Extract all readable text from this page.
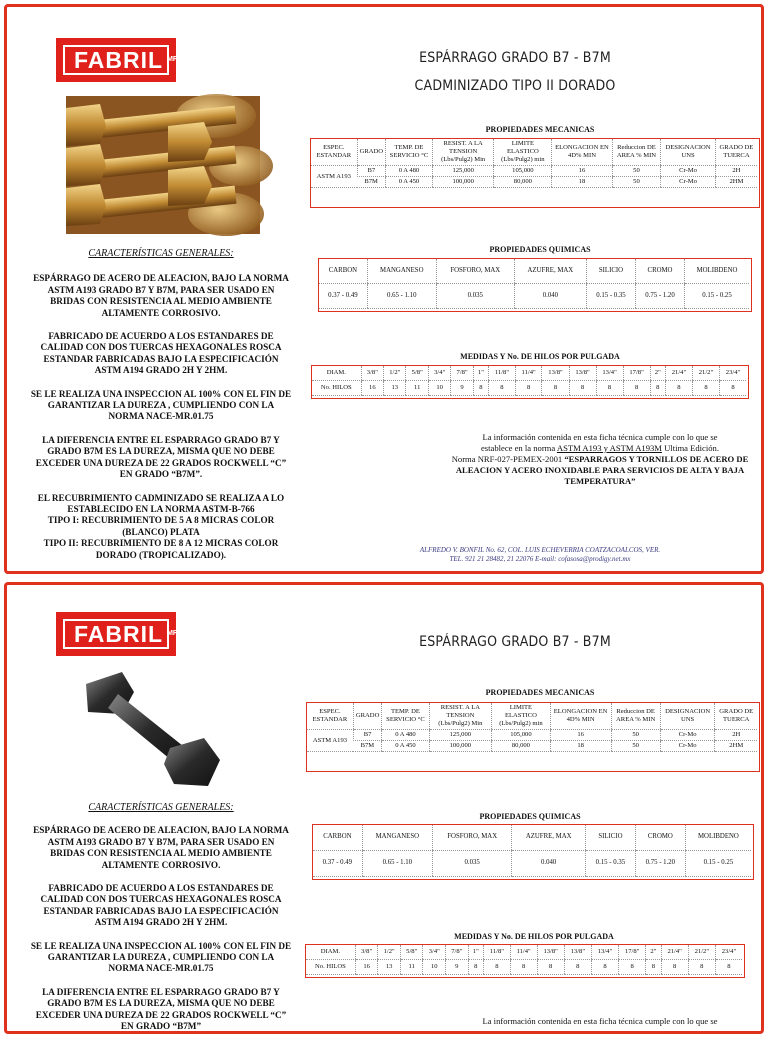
FABRIL MR	ESPÁRRAGO GRADO B7 - B7M
CADMINIZADO TIPO II DORADO
CARACTERÍSTICAS GENERALES:

ESPÁRRAGO DE ACERO DE ALEACION, BAJO LA NORMA ASTM A193 GRADO B7 Y B7M, PARA SER USADO EN BRIDAS CON RESISTENCIA AL MEDIO AMBIENTE ALTAMENTE CORROSIVO.

FABRICADO DE ACUERDO A LOS ESTANDARES DE CALIDAD CON DOS TUERCAS HEXAGONALES ROSCA ESTANDAR FABRICADAS BAJO LA ESPECIFICACIÓN ASTM A194 GRADO 2H Y 2HM.

SE LE REALIZA UNA INSPECCION AL 100% CON EL FIN DE GARANTIZAR LA DUREZA , CUMPLIENDO CON LA NORMA NACE-MR.01.75

LA DIFERENCIA ENTRE EL ESPARRAGO GRADO B7 Y GRADO B7M ES LA DUREZA, MISMA QUE NO DEBE EXCEDER UNA DUREZA DE 22 GRADOS ROCKWELL “C” EN GRADO “B7M”.

EL RECUBRIMIENTO CADMINIZADO SE REALIZA A LO ESTABLECIDO EN LA NORMA ASTM-B-766

TIPO I: RECUBRIMIENTO DE 5 A 8 MICRAS COLOR (BLANCO) PLATA

TIPO II: RECUBRIMIENTO DE 8 A 12 MICRAS COLOR DORADO (TROPICALIZADO).

PROPIEDADES MECANICAS
ESPEC. ESTANDAR	GRADO	TEMP. DE SERVICIO °C	RESIST. A LA TENSION (Lbs/Pulg2) Min	LIMITE ELASTICO (Lbs/Pulg2) min	ELONGACION EN 4D% MIN	Reduccion DE AREA % MIN	DESIGNACION UNS	GRADO DE TUERCA
ASTM A193	B7	0 A 480	125,000	105,000	16	50	Cr-Mo	2H
	B7M	0 A 450	100,000	80,000	18	50	Cr-Mo	2HM
PROPIEDADES QUIMICAS
CARBON	MANGANESO	FOSFORO, MAX	AZUFRE, MAX	SILICIO	CROMO	MOLIBDENO
0.37 - 0.49	0.65 - 1.10	0.035	0.040	0.15 - 0.35	0.75 - 1.20	0.15 - 0.25
MEDIDAS Y No. DE HILOS POR PULGADA
DIAM.	3/8"	1/2"	5/8"	3/4"	7/8"	1"	11/8"	11/4"	13/8"	13/8"	13/4"	17/8"	2"	21/4"	21/2"	23/4"
No. HILOS	16	13	11	10	9	8	8	8	8	8	8	8	8	8	8	8
La información contenida en esta ficha técnica cumple con lo que se
establece en la norma ASTM A193 y ASTM A193M Ultima Edición.
Norma NRF-027-PEMEX-2001 “ESPARRAGOS Y TORNILLOS DE ACERO DE ALEACION Y ACERO INOXIDABLE PARA SERVICIOS DE ALTA Y BAJA TEMPERATURA”
ALFREDO V. BONFIL No. 62, COL. LUIS ECHEVERRIA COATZACOALCOS, VER.
TEL. 921 21 28482, 21 22076 E-mail: cofasosa@prodigy.net.mx
FABRIL MR
ESPÁRRAGO GRADO B7 - B7M
CARACTERÍSTICAS GENERALES:

ESPÁRRAGO DE ACERO DE ALEACION, BAJO LA NORMA ASTM A193 GRADO B7 Y B7M, PARA SER USADO EN BRIDAS CON RESISTENCIA AL MEDIO AMBIENTE ALTAMENTE CORROSIVO.

FABRICADO DE ACUERDO A LOS ESTANDARES DE CALIDAD CON DOS TUERCAS HEXAGONALES ROSCA ESTANDAR FABRICADAS BAJO LA ESPECIFICACIÓN ASTM A194 GRADO 2H Y 2HM.

SE LE REALIZA UNA INSPECCION AL 100% CON EL FIN DE GARANTIZAR LA DUREZA , CUMPLIENDO CON LA NORMA NACE-MR.01.75

LA DIFERENCIA ENTRE EL ESPARRAGO GRADO B7 Y GRADO B7M ES LA DUREZA, MISMA QUE NO DEBE EXCEDER UNA DUREZA DE 22 GRADOS ROCKWELL “C” EN GRADO “B7M”

PROPIEDADES MECANICAS
ESPEC. ESTANDAR	GRADO	TEMP. DE SERVICIO °C	RESIST. A LA TENSION (Lbs/Pulg2) Min	LIMITE ELASTICO (Lbs/Pulg2) min	ELONGACION EN 4D% MIN	Reduccion DE AREA % MIN	DESIGNACION UNS	GRADO DE TUERCA
ASTM A193	B7	0 A 480	125,000	105,000	16	50	Cr-Mo	2H
	B7M	0 A 450	100,000	80,000	18	50	Cr-Mo	2HM
PROPIEDADES QUIMICAS
CARBON	MANGANESO	FOSFORO, MAX	AZUFRE, MAX	SILICIO	CROMO	MOLIBDENO
0.37 - 0.49	0.65 - 1.10	0.035	0.040	0.15 - 0.35	0.75 - 1.20	0.15 - 0.25
MEDIDAS Y No. DE HILOS POR PULGADA
DIAM.	3/8"	1/2"	5/8"	3/4"	7/8"	1"	11/8"	11/4"	13/8"	13/8"	13/4"	17/8"	2"	21/4"	21/2"	23/4"
No. HILOS	16	13	11	10	9	8	8	8	8	8	8	8	8	8	8	8
La información contenida en esta ficha técnica cumple con lo que se
